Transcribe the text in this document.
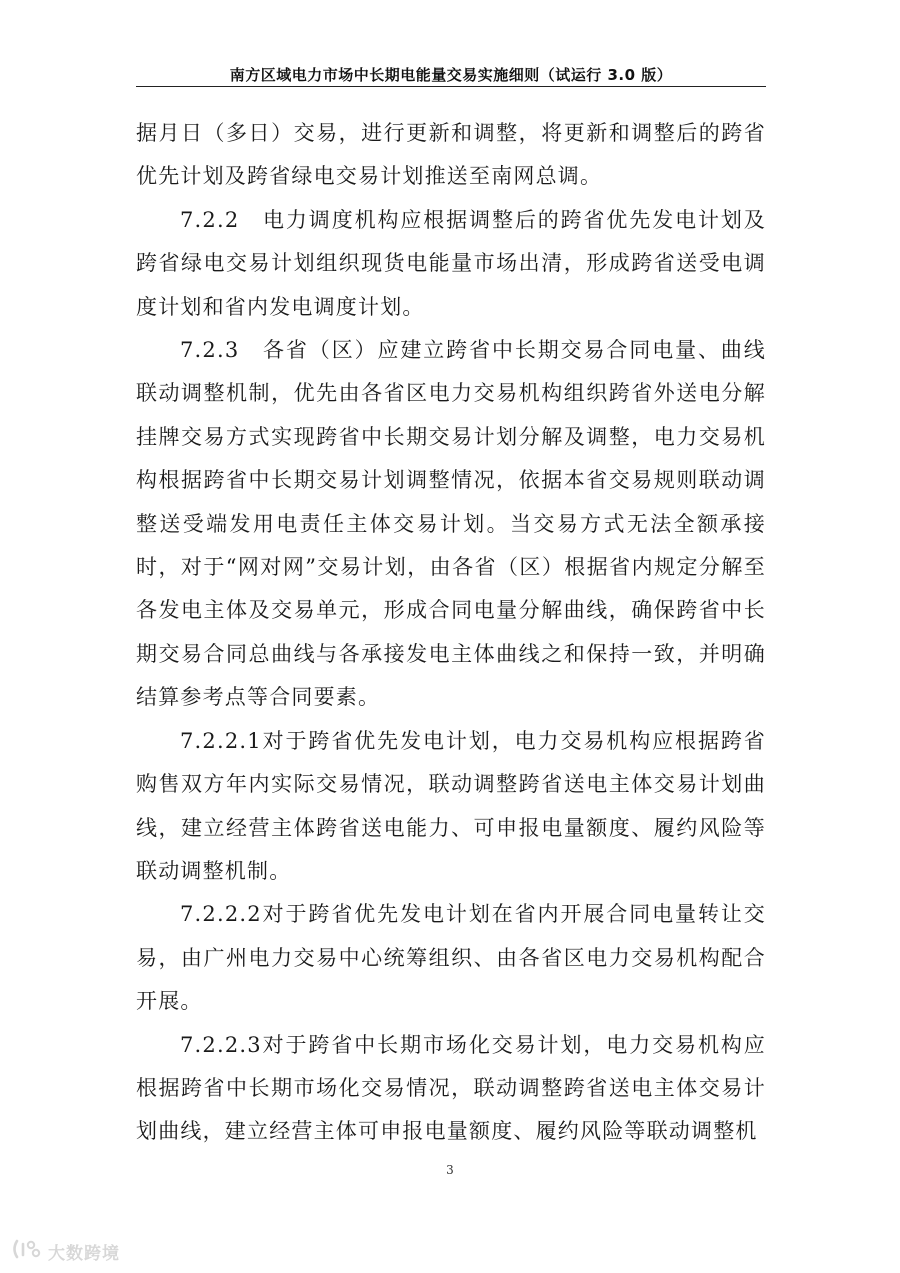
南方区域电力市场中长期电能量交易实施细则（试运行 3.0 版）

据月日（多日）交易，进行更新和调整，将更新和调整后的跨省优先计划及跨省绿电交易计划推送至南网总调。

7.2.2　电力调度机构应根据调整后的跨省优先发电计划及跨省绿电交易计划组织现货电能量市场出清，形成跨省送受电调度计划和省内发电调度计划。

7.2.3　各省（区）应建立跨省中长期交易合同电量、曲线联动调整机制，优先由各省区电力交易机构组织跨省外送电分解挂牌交易方式实现跨省中长期交易计划分解及调整，电力交易机构根据跨省中长期交易计划调整情况，依据本省交易规则联动调整送受端发用电责任主体交易计划。当交易方式无法全额承接时，对于“网对网”交易计划，由各省（区）根据省内规定分解至各发电主体及交易单元，形成合同电量分解曲线，确保跨省中长期交易合同总曲线与各承接发电主体曲线之和保持一致，并明确结算参考点等合同要素。

7.2.2.1对于跨省优先发电计划，电力交易机构应根据跨省购售双方年内实际交易情况，联动调整跨省送电主体交易计划曲线，建立经营主体跨省送电能力、可申报电量额度、履约风险等联动调整机制。

7.2.2.2对于跨省优先发电计划在省内开展合同电量转让交易，由广州电力交易中心统筹组织、由各省区电力交易机构配合开展。

7.2.2.3对于跨省中长期市场化交易计划，电力交易机构应根据跨省中长期市场化交易情况，联动调整跨省送电主体交易计划曲线，建立经营主体可申报电量额度、履约风险等联动调整机

3
大数跨境
